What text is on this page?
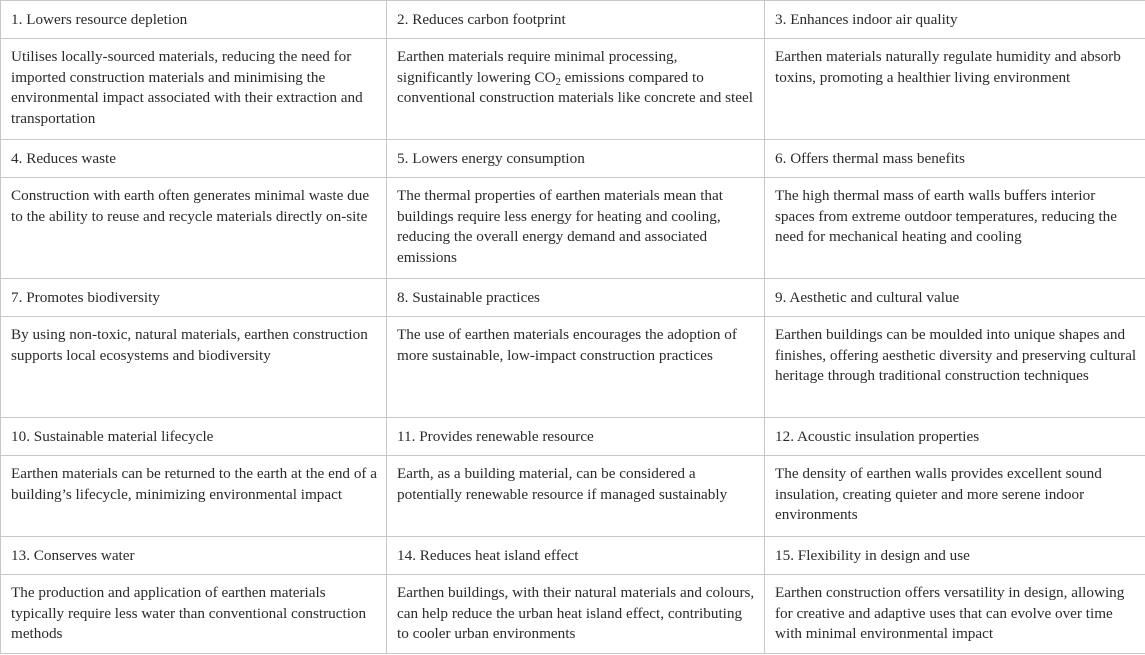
1. Lowers resource depletion	2. Reduces carbon footprint	3. Enhances indoor air quality
Utilises locally-sourced materials, reducing the need for imported construction materials and minimising the environmental impact associated with their extraction and transportation	Earthen materials require minimal processing, significantly lowering $CO_2$ emissions compared to conventional construction materials like concrete and steel	Earthen materials naturally regulate humidity and absorb toxins, promoting a healthier living environment
4. Reduces waste	5. Lowers energy consumption	6. Offers thermal mass benefits
Construction with earth often generates minimal waste due to the ability to reuse and recycle materials directly on-site	The thermal properties of earthen materials mean that buildings require less energy for heating and cooling, reducing the overall energy demand and associated emissions	The high thermal mass of earth walls buffers interior spaces from extreme outdoor temperatures, reducing the need for mechanical heating and cooling
7. Promotes biodiversity	8. Sustainable practices	9. Aesthetic and cultural value
By using non-toxic, natural materials, earthen construction supports local ecosystems and biodiversity	The use of earthen materials encourages the adoption of more sustainable, low-impact construction practices	Earthen buildings can be moulded into unique shapes and finishes, offering aesthetic diversity and preserving cultural heritage through traditional construction techniques
10. Sustainable material lifecycle	11. Provides renewable resource	12. Acoustic insulation properties
Earthen materials can be returned to the earth at the end of a building’s lifecycle, minimizing environmental impact	Earth, as a building material, can be considered a potentially renewable resource if managed sustainably	The density of earthen walls provides excellent sound insulation, creating quieter and more serene indoor environments
13. Conserves water	14. Reduces heat island effect	15. Flexibility in design and use
The production and application of earthen materials typically require less water than conventional construction methods	Earthen buildings, with their natural materials and colours, can help reduce the urban heat island effect, contributing to cooler urban environments	Earthen construction offers versatility in design, allowing for creative and adaptive uses that can evolve over time with minimal environmental impact
